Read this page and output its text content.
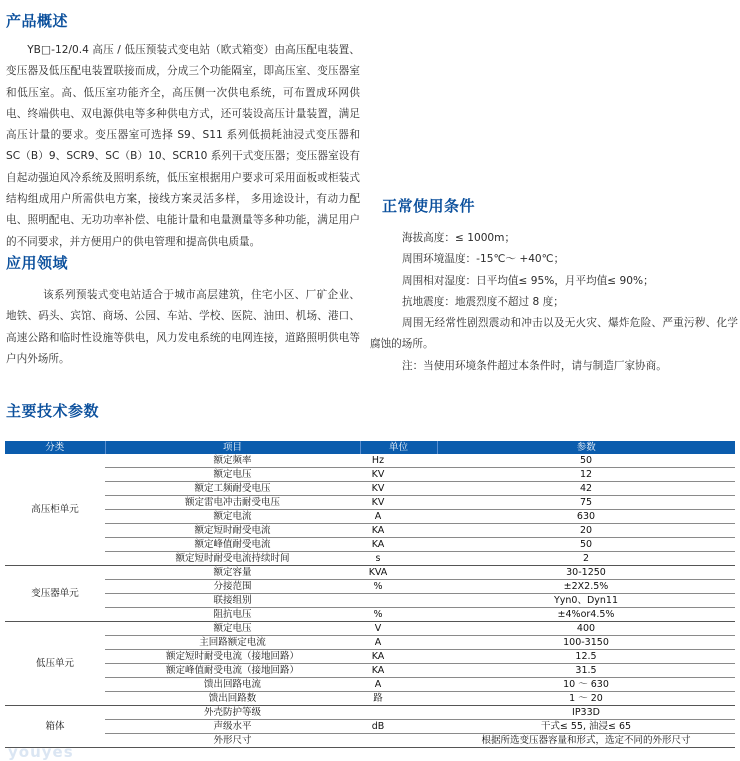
产品概述

YB□-12/0.4 高压 / 低压预装式变电站（欧式箱变）由高压配电装置、变压器及低压配电装置联接而成，分成三个功能隔室，即高压室、变压器室和低压室。高、低压室功能齐全，高压侧一次供电系统，可布置成环网供电、终端供电、双电源供电等多种供电方式，还可装设高压计量装置，满足高压计量的要求。变压器室可选择 S9、S11 系列低损耗油浸式变压器和 SC（B）9、SCR9、SC（B）10、SCR10 系列干式变压器；变压器室设有自起动强迫风冷系统及照明系统，低压室根据用户要求可采用面板或柜装式结构组成用户所需供电方案，接线方案灵活多样， 多用途设计，有动力配电、照明配电、无功功率补偿、电能计量和电量测量等多种功能，满足用户的不同要求，并方便用户的供电管理和提高供电质量。

应用领域

该系列预装式变电站适合于城市高层建筑，住宅小区、厂矿企业、地铁、码头、宾馆、商场、公园、车站、学校、医院、油田、机场、港口、高速公路和临时性设施等供电，风力发电系统的电网连接，道路照明供电等户内外场所。

正常使用条件

海拔高度：≤ 1000m；

周围环境温度：-15℃～ +40℃；

周围相对湿度：日平均值≤ 95%，月平均值≤ 90%；

抗地震度：地震烈度不超过 8 度；

周围无经常性剧烈震动和冲击以及无火灾、爆炸危险、严重污秽、化学腐蚀的场所。

注：当使用环境条件超过本条件时，请与制造厂家协商。

主要技术参数
分类	项目	单位	参数
高压柜单元	额定频率	Hz	50
	额定电压	KV	12
	额定工频耐受电压	KV	42
	额定雷电冲击耐受电压	KV	75
	额定电流	A	630
	额定短时耐受电流	KA	20
	额定峰值耐受电流	KA	50
	额定短时耐受电流持续时间	s	2
变压器单元	额定容量	KVA	30-1250
	分接范围	%	±2X2.5%
	联接组别		Yyn0、Dyn11
	阻抗电压	%	±4%or4.5%
低压单元	额定电压	V	400
	主回路额定电流	A	100-3150
	额定短时耐受电流（接地回路）	KA	12.5
	额定峰值耐受电流（接地回路）	KA	31.5
	馈出回路电流	A	10 ～ 630
	馈出回路数	路	1 ～ 20
箱体	外壳防护等级		IP33D
	声级水平	dB	干式≤ 55, 油浸≤ 65
	外形尺寸		根据所选变压器容量和形式，选定不同的外形尺寸
youyes
